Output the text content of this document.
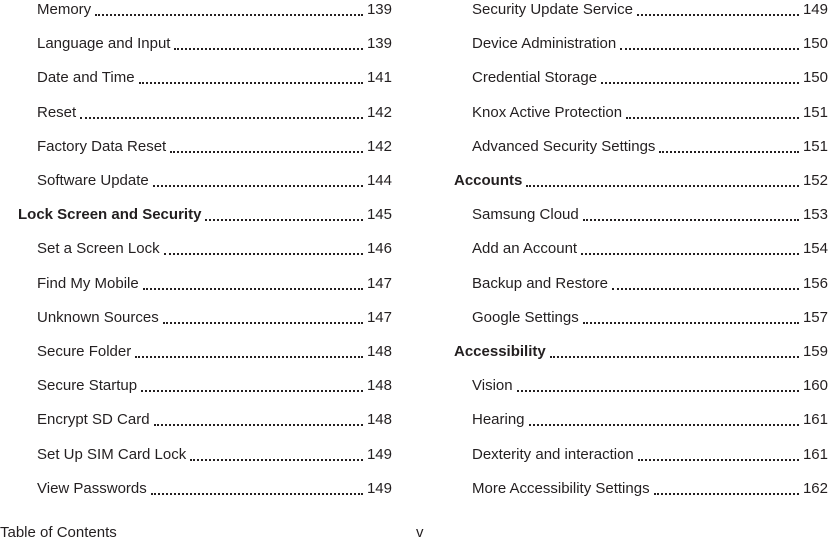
Memory	139
Language and Input	139
Date and Time	141
Reset	142
Factory Data Reset	142
Software Update	144
Lock Screen and Security	145
Set a Screen Lock	146
Find My Mobile	147
Unknown Sources	147
Secure Folder	148
Secure Startup	148
Encrypt SD Card	148
Set Up SIM Card Lock	149
View Passwords	149
Security Update Service	149
Device Administration	150
Credential Storage	150
Knox Active Protection	151
Advanced Security Settings	151
Accounts	152
Samsung Cloud	153
Add an Account	154
Backup and Restore	156
Google Settings	157
Accessibility	159
Vision	160
Hearing	161
Dexterity and interaction	161
More Accessibility Settings	162
Table of Contents	v
